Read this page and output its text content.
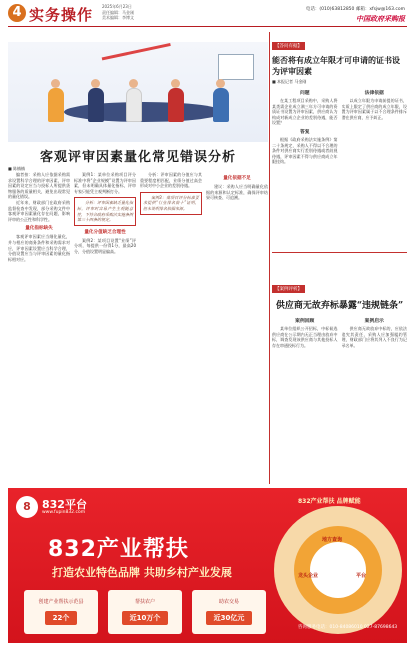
4 实务操作 2025年6月23日
责任编辑：马金刚
美术编辑：李博文
电话：(010)63812850 邮箱：xfsjw@163.com
中国政府采购报
客观评审因素量化常见错误分析
■ 陈楠楠

编者按：采购人应依据采购需求设置科学合理的评审因素，评审因素的设定应当与投标人所提供货物服务的质量相关，避免出现常见的量化错误。

近年来，财政部门在政府采购监督检查中发现，部分采购文件中客观评审因素量化存在问题，影响评审的公正性和科学性。

量化指标缺失

客观评审因素应当细化量化，并与相应的商务条件和采购需求对应，评审因素设置应当科学合理，分值设置应当与评审因素的量化指标相对应。

案例1：某单位采购项目评分标准中将“企业规模”设置为评审因素，但未明确具体量化指标，评审专家只能凭主观判断打分。

分析：评审因素缺乏量化指标，评审时容易产生主观随意性，不符合政府采购法实施条例第三十四条的规定。

量化分值缺乏合理性

案例2：某项目设置“业绩”评分项，每提供一份得1分，最高20分，分值设置明显偏高。

分析：评审因素的分值应与其重要程度相匹配，业绩分值过高会形成对中小企业的差别待遇。

案例3：某项目评分标准要求提供“行业排名前十”证明，但未说明排名依据来源。

量化依据不足

建议：采购人应当明确量化依据的来源和认定标准，确保评审结果可核查、可追溯。

【答问有据】
能否将有成立年限才可申请的证书设为评审因素
■ 本报记者 马金刚
问题

在某工程项目采购中，采购人将某类需企业成立满三年方可申请的资质证书设置为评审因素，供应商认为构成对新成立企业的差别待遇，能否设置？

答复

根据《政府采购法实施条例》第二十条规定，采购人不得以不合理的条件对供应商实行差别待遇或者歧视待遇，评审因素不得与供应商成立年限挂钩。

法律依据

以成立年限为申请前提的证书，实质上限定了供应商的成立年限，设置为评审因素属于以不合理条件排斥潜在供应商，应予纠正。

【案例评析】
供应商无故弃标暴露“违规链条”
案例回顾

某单位组织公开招标，中标候选供应商在公示期内无正当理由放弃中标，调查发现该供应商与其他投标人存在串通投标行为。

案例启示

供应商无故放弃中标的，应依法追究其责任，采购人应加强履约管理，财政部门应将其列入不良行为记录名单。

8	832平台
www.fupin832.com
832产业帮扶
打造农业特色品牌 共助乡村产业发展
创建产业帮扶示范县
22个
帮扶农户
近10万个
助农交易
近30亿元
832产业帮扶 品牌赋能
地方查询
龙头企业	平台
咨询服务电话：010-84086010 027-87698643
